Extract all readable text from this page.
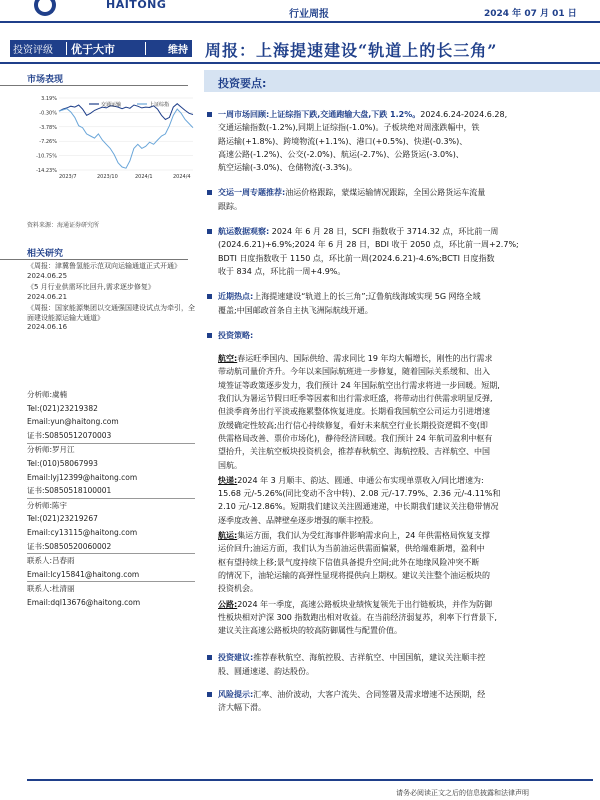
HAITONG
行业周报	2024 年 07 月 01 日
投资评级	优于大市	维持 周报：上海提速建设“轨道上的长三角”
市场表现
3.19%
-0.30%
-3.78%
-7.26%
-10.75%
-14.23%
2023/7	2023/10	2024/1	2024/4
交通运输	上证综指
资料来源：海通证券研究所
相关研究
《周报：津冀鲁氢能示范双向运输通道正式开通》
2024.06.25
《5 月行业供需环比回升,需求逐步修复》
2024.06.21
《周报：国家能源集团以交通强国建设试点为牵引，全面建设能源运输大通道》
2024.06.16
分析师:虞楠
Tel:(021)23219382
Email:yun@haitong.com
证书:S0850512070003
分析师:罗月江
Tel:(010)58067993
Email:lyj12399@haitong.com
证书:S0850518100001
分析师:陈宇
Tel:(021)23219267
Email:cy13115@haitong.com
证书:S0850520060002
联系人:吕春雨
Email:lcy15841@haitong.com
联系人:杜清丽
Email:dql13676@haitong.com
投资要点:
一周市场回顾:上证综指下跌,交通跑输大盘,下跌 1.2%。2024.6.24-2024.6.28,
交通运输指数(-1.2%),同期上证综指(-1.0%)。子板块绝对周涨跌幅中，铁
路运输(+1.8%)、跨境物流(+1.1%)、港口(+0.5%)、快递(-0.3%)、
高速公路(-1.2%)、公交(-2.0%)、航运(-2.7%)、公路货运(-3.0%)、
航空运输(-3.0%)、仓储物流(-3.3%)。
交运一周专题推荐:油运价格跟踪，蒙煤运输情况跟踪，全国公路货运车流量
跟踪。
航运数据观察: 2024 年 6 月 28 日，SCFI 指数收于 3714.32 点，环比前一周
(2024.6.21)+6.9%;2024 年 6 月 28 日，BDI 收于 2050 点，环比前一周+2.7%;
BDTI 日度指数收于 1150 点，环比前一周(2024.6.21)-4.6%;BCTI 日度指数
收于 834 点，环比前一周+4.9%。
近期热点:上海提速建设“轨道上的长三角”;辽鲁航线海域实现 5G 网络全域
覆盖;中国邮政首条自主执飞洲际航线开通。
投资策略:
航空:春运旺季国内、国际供给、需求同比 19 年均大幅增长，刚性的出行需求
带动航司量价齐升。今年以来国际航班进一步修复，随着国际关系缓和、出入
境签证等政策逐步发力，我们预计 24 年国际航空出行需求将进一步回暖。短期,
我们认为暑运节假日旺季等因素和出行需求旺盛，将带动出行供需求明显反弹,
但淡季商务出行平淡或拖累整体恢复进度。长期看我国航空公司运力引进增速
放缓确定性较高;出行信心持续修复，看好未来航空行业长期投资逻辑不变(即
供需格局改善、票价市场化)，静待经济回暖。我们预计 24 年航司盈利中枢有
望抬升，关注航空板块投资机会，推荐春秋航空、海航控股、吉祥航空、中国
国航。
快递:2024 年 3 月顺丰、韵达、圆通、申通公布实现单票收入/同比增速为:
15.68 元/-5.26%(同比变动不含中转)、2.08 元/-17.79%、2.36 元/-4.11%和
2.10 元/-12.86%。短期我们建议关注圆通速递，中长期我们建议关注稳带情况
逐季度改善、品牌壁垒逐步增强的顺丰控股。
航运:集运方面，我们认为受红海事件影响需求向上，24 年供需格局恢复支撑
运价回升;油运方面，我们认为当前油运供需面偏紧，供给端难新增，盈利中
枢有望持续上移;景气度持续下信值具备提升空间;此外在地缘风险冲突不断
的情况下，油轮运输的高弹性显现将提供向上期权。建议关注整个油运板块的
投资机会。
公路:2024 年一季度，高速公路板块业绩恢复领先于出行链板块，并作为防御
性板块相对沪深 300 指数跑出相对收益。在当前经济弱复苏，利率下行背景下,
建议关注高速公路板块的较高防御属性与配置价值。
投资建议:推荐春秋航空、海航控股、吉祥航空、中国国航，建议关注顺丰控
股、圆通速递、韵达股份。
风险提示:汇率、油价波动，大客户流失、合同签署及需求增速不达预期，经
济大幅下滑。
请务必阅读正文之后的信息披露和法律声明
